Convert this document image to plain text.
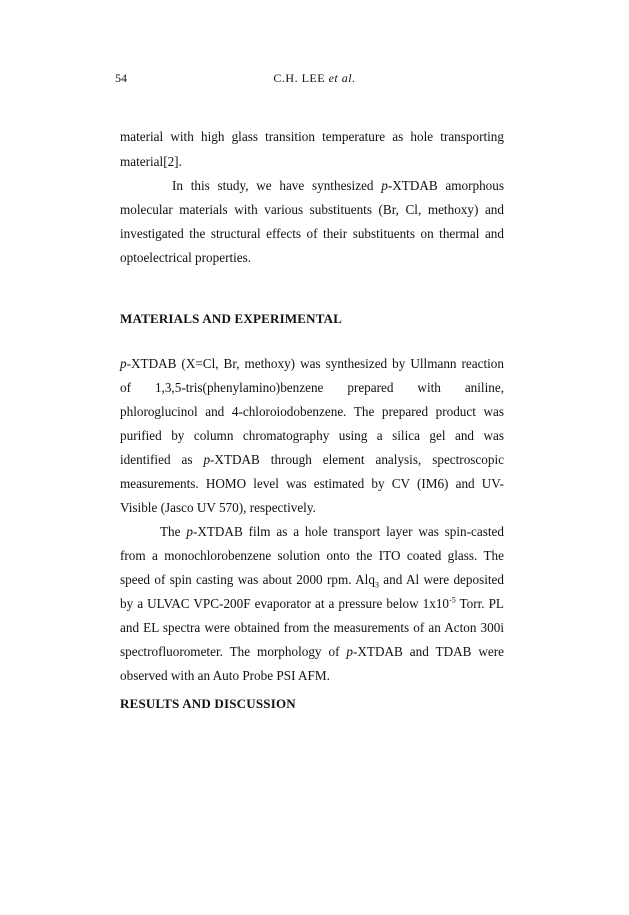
54	C.H. LEE et al.
material with high glass transition temperature as hole transporting
material[2].
In this study, we have synthesized p-XTDAB amorphous
molecular materials with various substituents (Br, Cl, methoxy) and
investigated the structural effects of their substituents on thermal and
optoelectrical properties.
MATERIALS AND EXPERIMENTAL
p-XTDAB (X=Cl, Br, methoxy) was synthesized by Ullmann reaction
of    1,3,5-tris(phenylamino)benzene    prepared    with    aniline,
phloroglucinol and 4-chloroiodobenzene. The prepared product was
purified by column chromatography using a silica gel and was
identified as p-XTDAB through element analysis, spectroscopic
measurements. HOMO level was estimated by CV (IM6) and UV-
Visible (Jasco UV 570), respectively.
The p-XTDAB film as a hole transport layer was spin-casted
from a monochlorobenzene solution onto the ITO coated glass. The
speed of spin casting was about 2000 rpm. Alq$_3$ and Al were deposited
by a ULVAC VPC-200F evaporator at a pressure below $1x10^{-5}$ Torr. PL
and EL spectra were obtained from the measurements of an Acton 300i
spectrofluorometer. The morphology of p-XTDAB and TDAB were
observed with an Auto Probe PSI AFM.
RESULTS AND DISCUSSION
